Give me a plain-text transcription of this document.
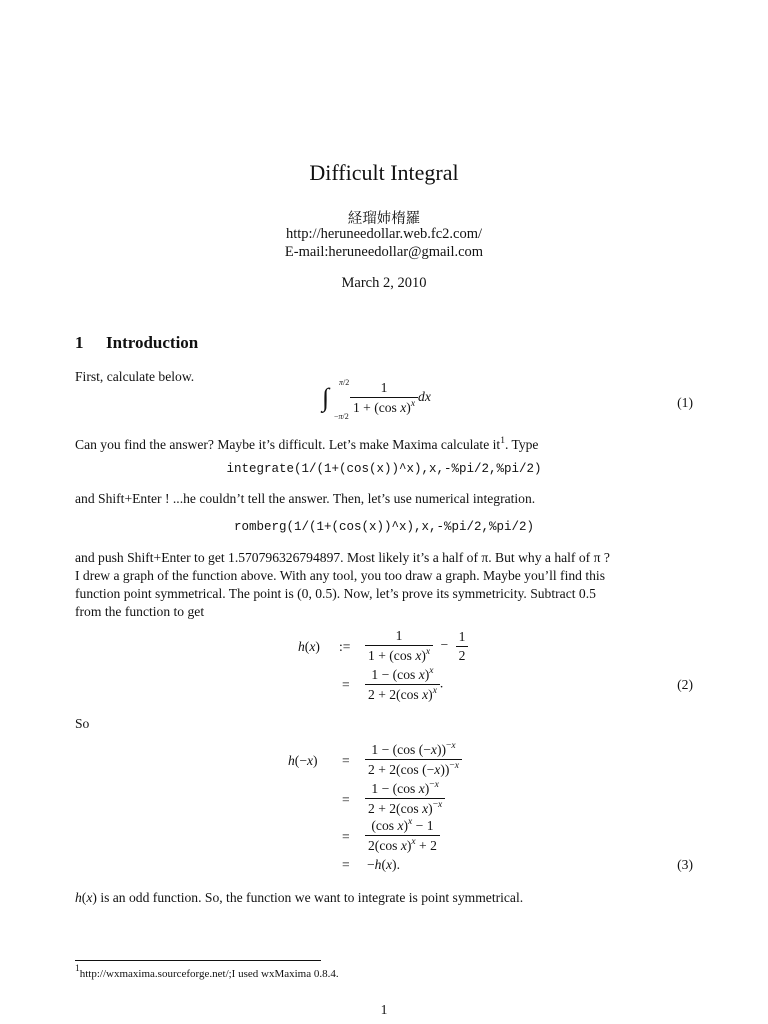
Difficult Integral
経瑠姉楕羅
http://heruneedollar.web.fc2.com/
E-mail:heruneedollar@gmail.com
March 2, 2010
1 Introduction
First, calculate below.
∫
π/2
−π/2

$\frac{1}{1 + (\cos x)^x}$ dx	(1)
Can you find the answer? Maybe it’s difficult. Let’s make Maxima calculate $it^1$. Type
integrate(1/(1+(cos(x))^x),x,-%pi/2,%pi/2)
and Shift+Enter ! ...he couldn’t tell the answer. Then, let’s use numerical integration.
romberg(1/(1+(cos(x))^x),x,-%pi/2,%pi/2)
and push Shift+Enter to get 1.570796326794897. Most likely it’s a half of π. But why a half of π ?
I drew a graph of the function above. With any tool, you too draw a graph. Maybe you’ll find this
function point symmetrical. The point is (0, 0.5). Now, let’s prove its symmetricity. Subtract 0.5
from the function to get
h(x) := $\frac{1}{1 + (\cos x)^x} - \frac{1}{2}$
= $\frac{1 - (\cos x)^x}{2 + 2(\cos x)^x}$ .	(2)
So
$h(-x) = \frac{1 - (\cos (-x))^{-x}}{2 + 2(\cos (-x))^{-x}}$
= $\frac{1 - (\cos x)^{-x}}{2 + 2(\cos x)^{-x}}$
= $\frac{(\cos x)^x - 1}{2(\cos x)^x + 2}$
= −h(x).	(3)
h(x) is an odd function. So, the function we want to integrate is point symmetrical.
1http://wxmaxima.sourceforge.net/;I used wxMaxima 0.8.4.
1
